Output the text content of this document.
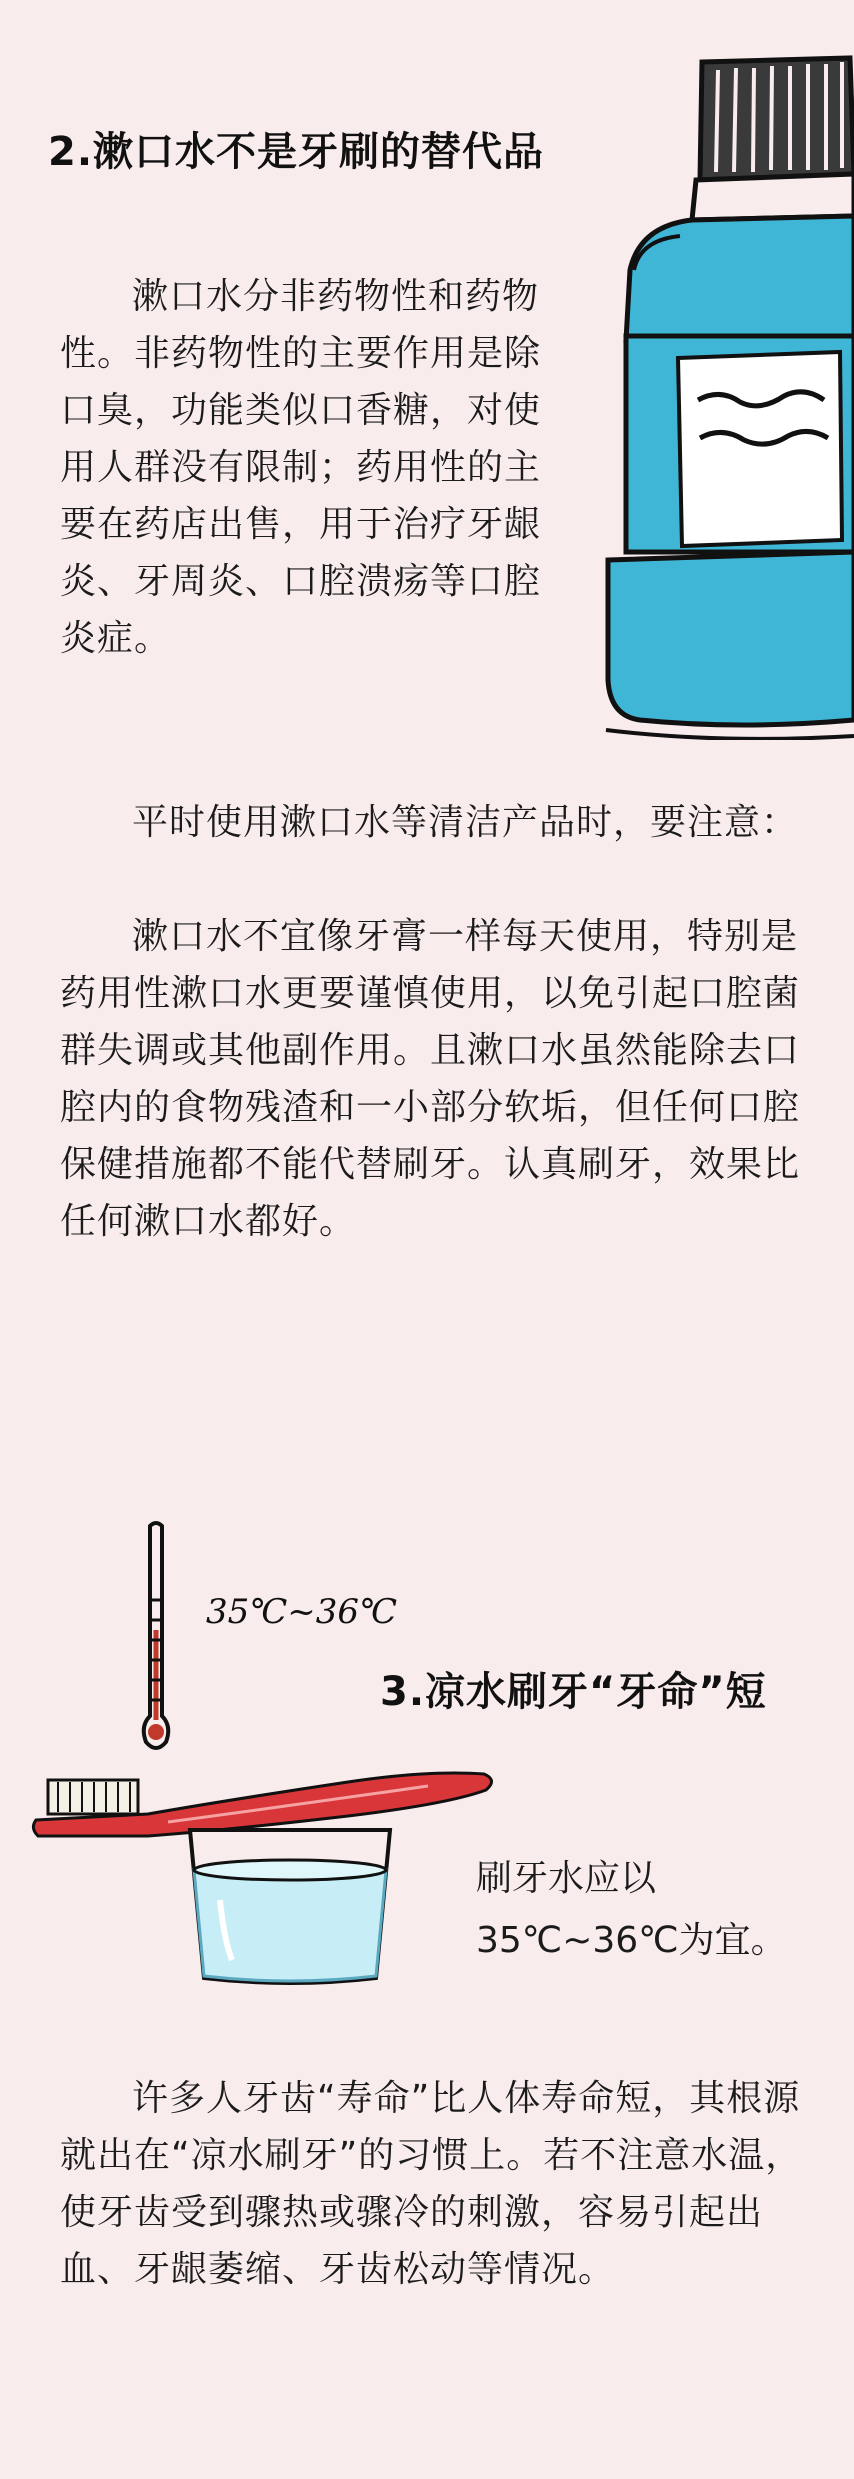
2.漱口水不是牙刷的替代品

漱口水分非药物性和药物性。非药物性的主要作用是除口臭，功能类似口香糖，对使用人群没有限制；药用性的主要在药店出售，用于治疗牙龈炎、牙周炎、口腔溃疡等口腔炎症。

平时使用漱口水等清洁产品时，要注意：

漱口水不宜像牙膏一样每天使用，特别是药用性漱口水更要谨慎使用，以免引起口腔菌群失调或其他副作用。且漱口水虽然能除去口腔内的食物残渣和一小部分软垢，但任何口腔保健措施都不能代替刷牙。认真刷牙，效果比任何漱口水都好。

35℃~36℃
3.凉水刷牙“牙命”短
刷牙水应以
35℃~36℃为宜。

许多人牙齿“寿命”比人体寿命短，其根源就出在“凉水刷牙”的习惯上。若不注意水温，使牙齿受到骤热或骤冷的刺激，容易引起出血、牙龈萎缩、牙齿松动等情况。
